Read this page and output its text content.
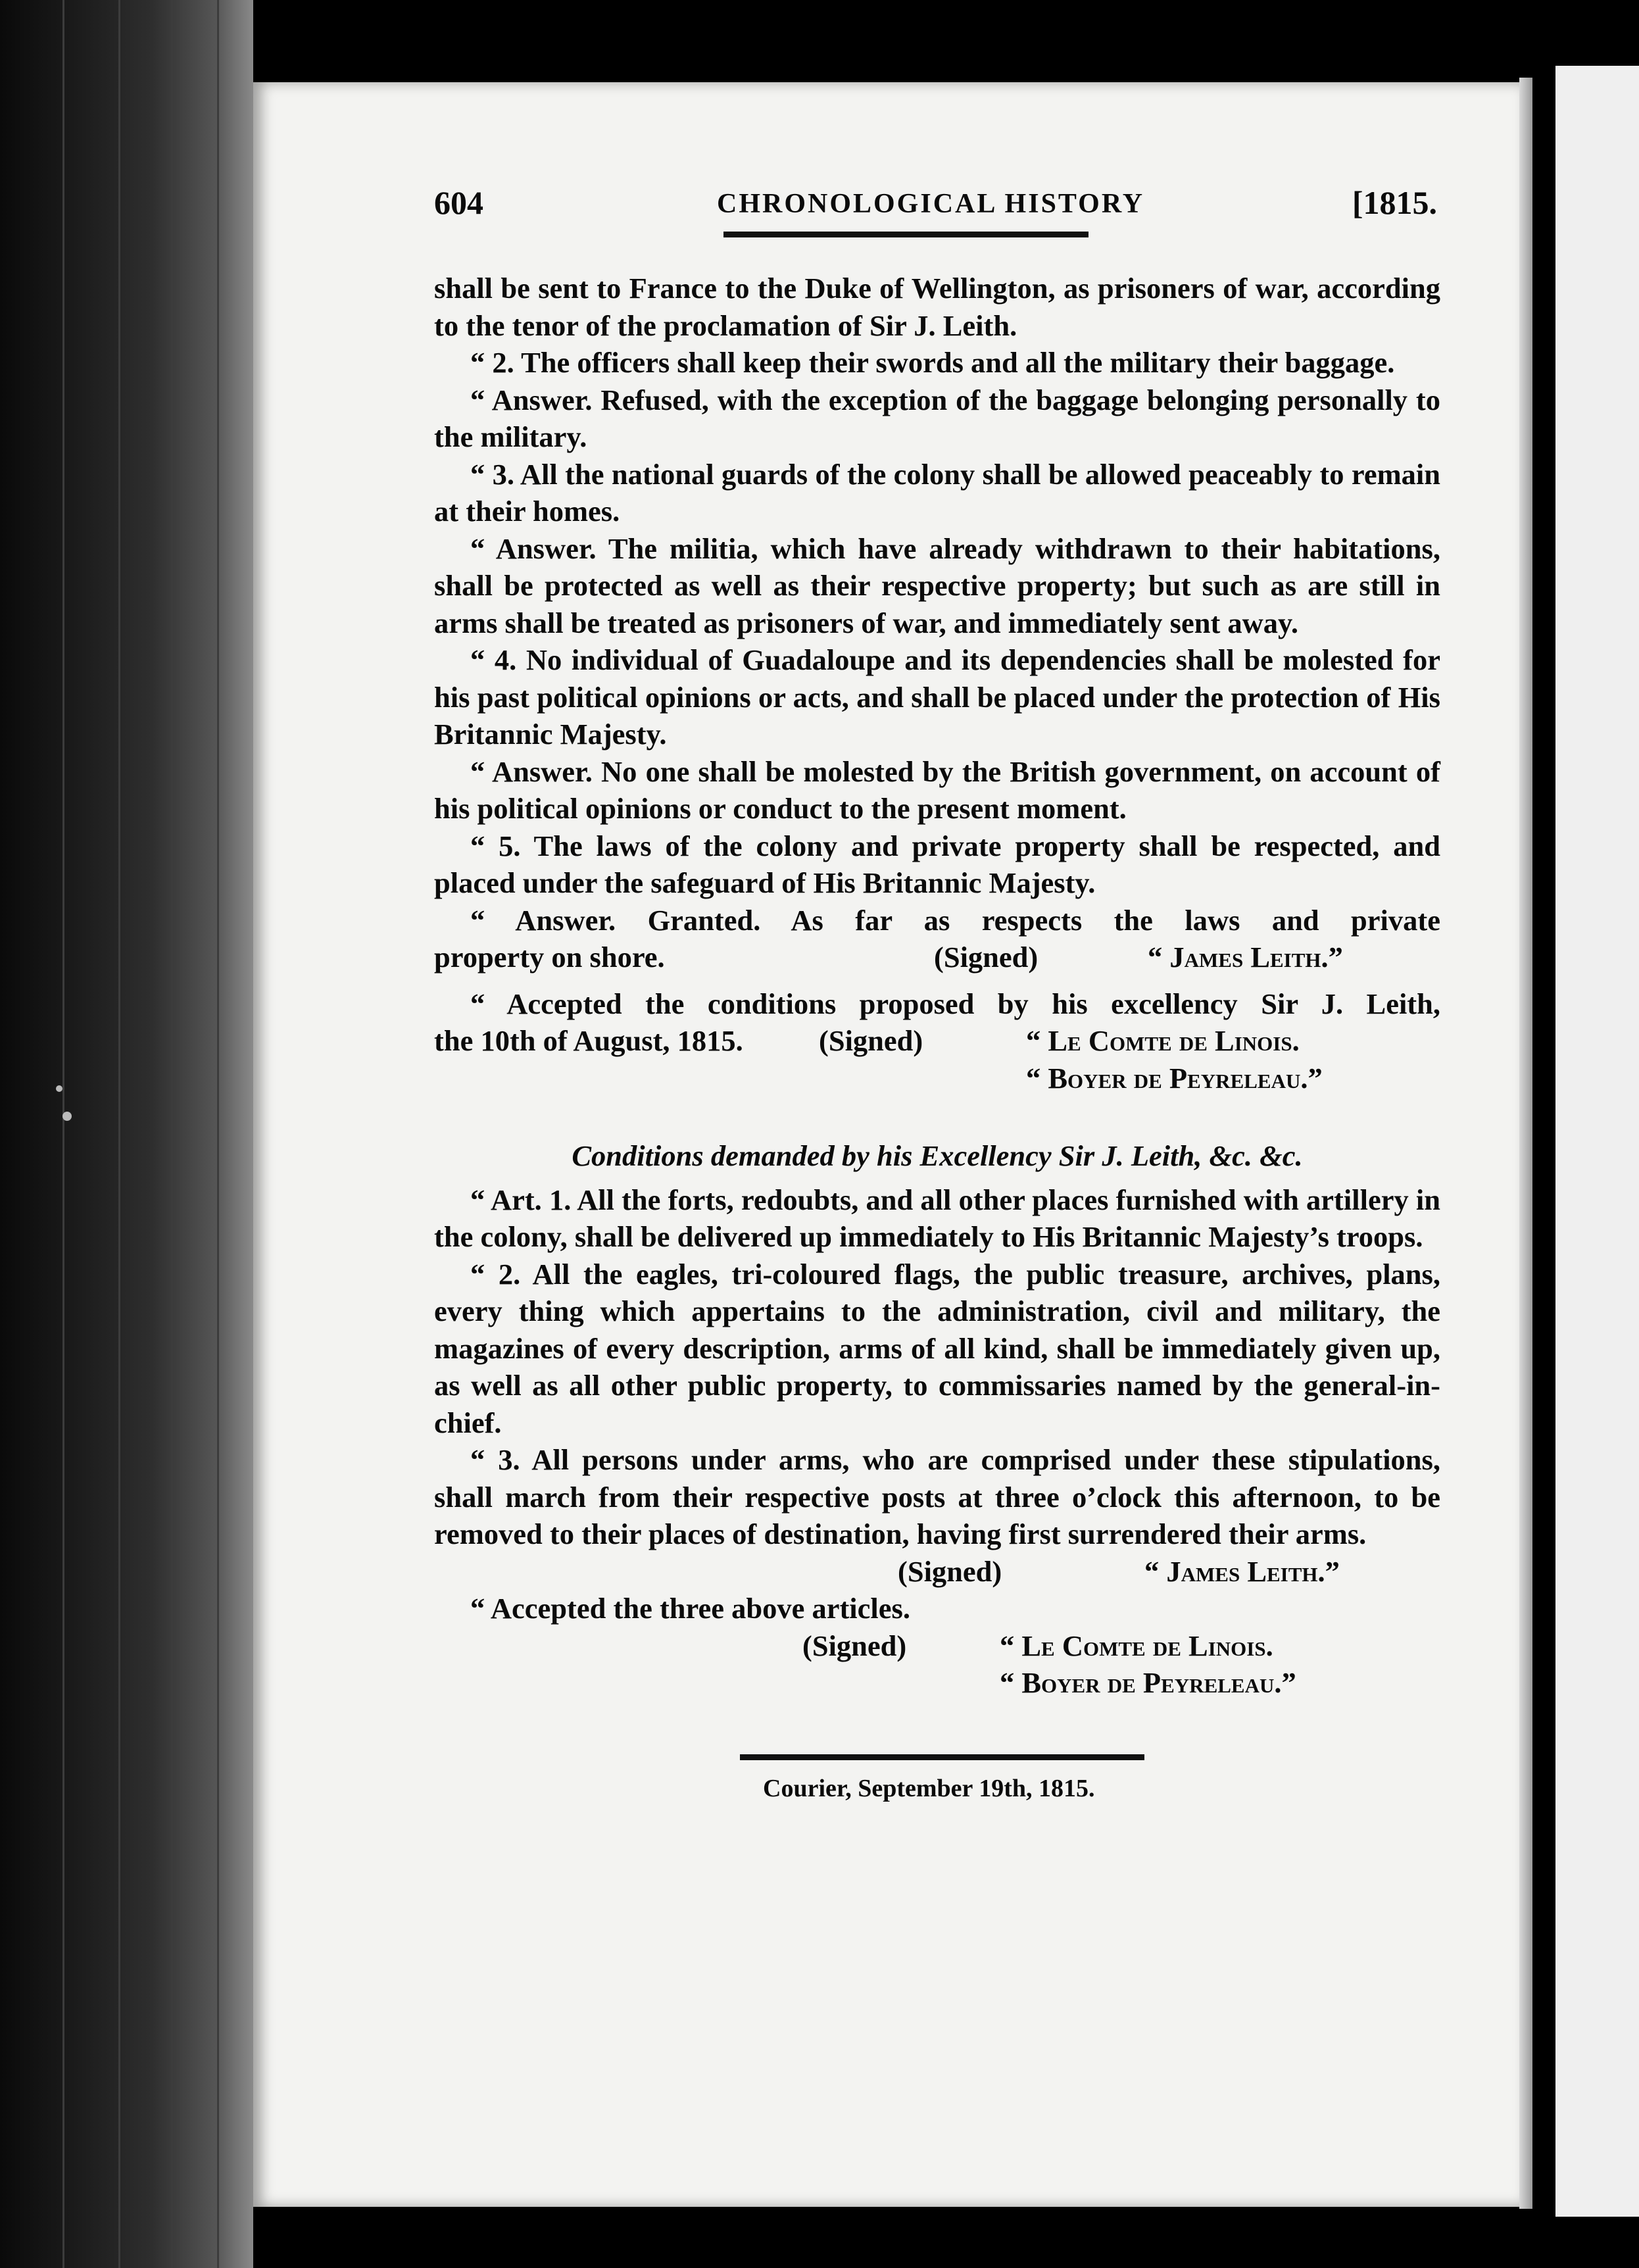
604	CHRONOLOGICAL HISTORY	[1815.

shall be sent to France to the Duke of Wellington, as prisoners of war, according to the tenor of the proclamation of Sir J. Leith.

“ 2. The officers shall keep their swords and all the military their baggage.

“ Answer. Refused, with the exception of the baggage belonging personally to the military.

“ 3. All the national guards of the colony shall be allowed peaceably to remain at their homes.

“ Answer. The militia, which have already withdrawn to their habitations, shall be protected as well as their respective property; but such as are still in arms shall be treated as prisoners of war, and immediately sent away.

“ 4. No individual of Guadaloupe and its dependencies shall be molested for his past political opinions or acts, and shall be placed under the protection of His Britannic Majesty.

“ Answer. No one shall be molested by the British government, on account of his political opinions or conduct to the present moment.

“ 5. The laws of the colony and private property shall be respected, and placed under the safeguard of His Britannic Majesty.

“ Answer. Granted. As far as respects the laws and private

property on shore.	(Signed)	“ James Leith.”

“ Accepted the conditions proposed by his excellency Sir J. Leith,

the 10th of August, 1815.	(Signed)	“ Le Comte de Linois.
“ Boyer de Peyreleau.”

Conditions demanded by his Excellency Sir J. Leith, &c. &c.

“ Art. 1. All the forts, redoubts, and all other places furnished with artillery in the colony, shall be delivered up immediately to His Britannic Majesty’s troops.

“ 2. All the eagles, tri-coloured flags, the public treasure, archives, plans, every thing which appertains to the administration, civil and military, the magazines of every description, arms of all kind, shall be immediately given up, as well as all other public property, to commissaries named by the general-in-chief.

“ 3. All persons under arms, who are comprised under these stipulations, shall march from their respective posts at three o’clock this afternoon, to be removed to their places of destination, having first surrendered their arms.

(Signed)	“ James Leith.”

“ Accepted the three above articles.

(Signed)	“ Le Comte de Linois.
“ Boyer de Peyreleau.”
Courier, September 19th, 1815.
